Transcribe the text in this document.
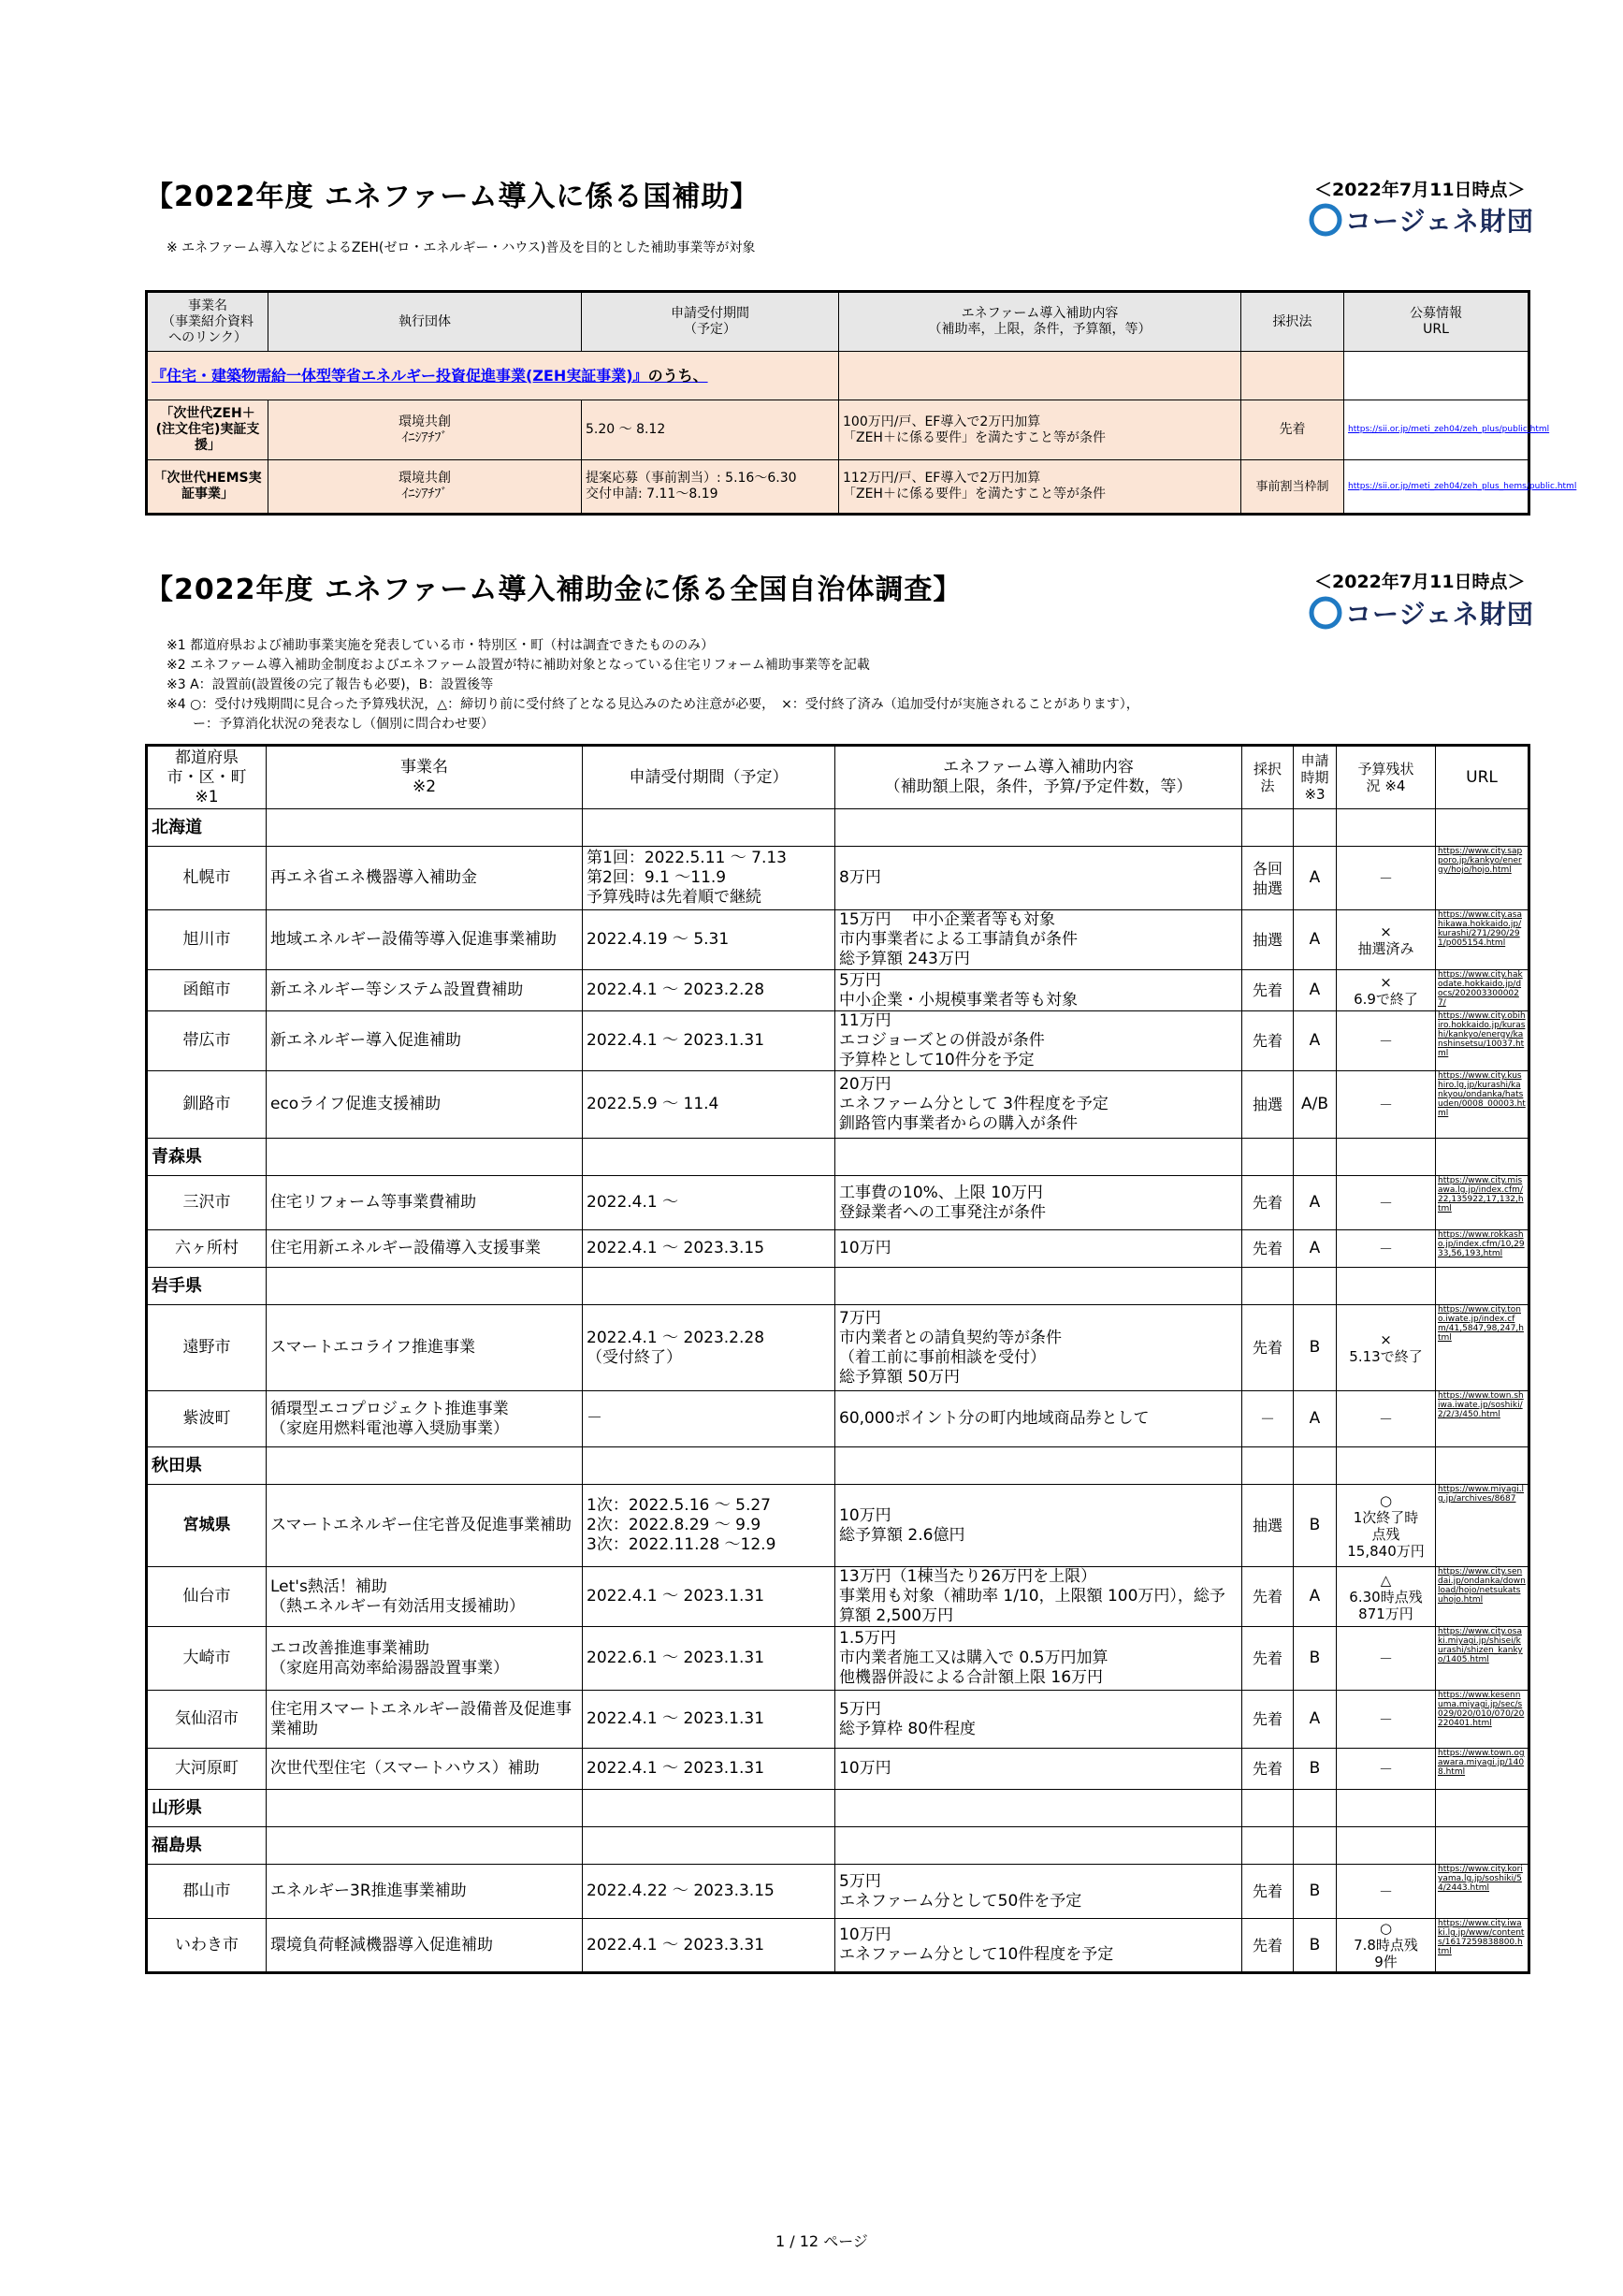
【2022年度 エネファーム導入に係る国補助】	＜2022年7月11日時点＞
コージェネ財団
※ エネファーム導入などによるZEH(ゼロ・エネルギー・ハウス)普及を目的とした補助事業等が対象
事業名
（事業紹介資料
へのリンク）	執行団体	申請受付期間
（予定）	エネファーム導入補助内容
（補助率，上限，条件，予算額，等）	採択法	公募情報
URL
『住宅・建築物需給一体型等省エネルギー投資促進事業(ZEH実証事業)』のうち、					
「次世代ZEH＋(注文住宅)実証支援」	環境共創
ｲﾆｼｱﾁﾌﾞ	5.20 ～ 8.12	100万円/戸、EF導入で2万円加算
「ZEH＋に係る要件」を満たすこと等が条件	先着	https://sii.or.jp/meti_zeh04/zeh_plus/public.html
「次世代HEMS実証事業」	環境共創
ｲﾆｼｱﾁﾌﾞ	提案応募（事前割当）: 5.16～6.30
交付申請: 7.11～8.19	112万円/戸、EF導入で2万円加算
「ZEH＋に係る要件」を満たすこと等が条件	事前割当枠制	https://sii.or.jp/meti_zeh04/zeh_plus_hems/public.html
【2022年度 エネファーム導入補助金に係る全国自治体調査】	＜2022年7月11日時点＞
コージェネ財団
※1 都道府県および補助事業実施を発表している市・特別区・町（村は調査できたもののみ）
※2 エネファーム導入補助金制度およびエネファーム設置が特に補助対象となっている住宅リフォーム補助事業等を記載
※3 A：設置前(設置後の完了報告も必要)，B：設置後等
※4 ○：受付け残期間に見合った予算残状況，△：締切り前に受付終了となる見込みのため注意が必要，　×：受付終了済み（追加受付が実施されることがあります），
　　ー：予算消化状況の発表なし（個別に問合わせ要）
都道府県
市・区・町
※1	事業名
※2	申請受付期間（予定）	エネファーム導入補助内容
（補助額上限，条件，予算/予定件数，等）	採択
法	申請
時期
※3	予算残状
況 ※4	URL
北海道							
札幌市	再エネ省エネ機器導入補助金	第1回：2022.5.11 ～ 7.13
第2回：9.1 ～11.9
予算残時は先着順で継続	8万円	各回
抽選	A	－	https://www.city.sapporo.jp/kankyo/energy/hojo/hojo.html
旭川市	地域エネルギー設備等導入促進事業補助	2022.4.19 ～ 5.31	15万円　 中小企業者等も対象
市内事業者による工事請負が条件
総予算額 243万円	抽選	A	×
抽選済み	https://www.city.asahikawa.hokkaido.jp/kurashi/271/290/291/p005154.html
函館市	新エネルギー等システム設置費補助	2022.4.1 ～ 2023.2.28	5万円
中小企業・小規模事業者等も対象	先着	A	×
6.9で終了	https://www.city.hakodate.hokkaido.jp/docs/2020033000027/
帯広市	新エネルギー導入促進補助	2022.4.1 ～ 2023.1.31	11万円
エコジョーズとの併設が条件
予算枠として10件分を予定	先着	A	－	https://www.city.obihiro.hokkaido.jp/kurashi/kankyo/energy/kanshinsetsu/10037.html
釧路市	ecoライフ促進支援補助	2022.5.9 ～ 11.4	20万円
エネファーム分として 3件程度を予定
釧路管内事業者からの購入が条件	抽選	A/B	－	https://www.city.kushiro.lg.jp/kurashi/kankyou/ondanka/hatsuden/0008_00003.html
青森県							
三沢市	住宅リフォーム等事業費補助	2022.4.1 ～	工事費の10%、上限 10万円
登録業者への工事発注が条件	先着	A	－	https://www.city.misawa.lg.jp/index.cfm/22,135922,17,132,html
六ヶ所村	住宅用新エネルギー設備導入支援事業	2022.4.1 ～ 2023.3.15	10万円	先着	A	－	https://www.rokkasho.jp/index.cfm/10,2933,56,193,html
岩手県							
遠野市	スマートエコライフ推進事業	2022.4.1 ～ 2023.2.28
（受付終了）	7万円
市内業者との請負契約等が条件
（着工前に事前相談を受付）
総予算額 50万円	先着	B	×
5.13で終了	https://www.city.tono.iwate.jp/index.cfm/41,5847,98,247,html
紫波町	循環型エコプロジェクト推進事業
（家庭用燃料電池導入奨励事業）	－	60,000ポイント分の町内地域商品券として	－	A	－	https://www.town.shiwa.iwate.jp/soshiki/2/2/3/450.html
秋田県							
宮城県	スマートエネルギー住宅普及促進事業補助	1次：2022.5.16 ～ 5.27
2次：2022.8.29 ～ 9.9
3次：2022.11.28 ～12.9	10万円
総予算額 2.6億円	抽選	B	○
1次終了時
点残
15,840万円	https://www.miyagi.lg.jp/archives/8687
仙台市	Let's熱活！補助
（熱エネルギー有効活用支援補助）	2022.4.1 ～ 2023.1.31	13万円（1棟当たり26万円を上限）
事業用も対象（補助率 1/10，上限額 100万円），総予算額 2,500万円	先着	A	△
6.30時点残
871万円	https://www.city.sendai.jp/ondanka/download/hojo/netsukatsuhojo.html
大崎市	エコ改善推進事業補助
（家庭用高効率給湯器設置事業）	2022.6.1 ～ 2023.1.31	1.5万円
市内業者施工又は購入で 0.5万円加算
他機器併設による合計額上限 16万円	先着	B	－	https://www.city.osaki.miyagi.jp/shisei/kurashi/shizen_kankyo/1405.html
気仙沼市	住宅用スマートエネルギー設備普及促進事業補助	2022.4.1 ～ 2023.1.31	5万円
総予算枠 80件程度	先着	A	－	https://www.kesennuma.miyagi.jp/sec/s029/020/010/070/20220401.html
大河原町	次世代型住宅（スマートハウス）補助	2022.4.1 ～ 2023.1.31	10万円	先着	B	－	https://www.town.ogawara.miyagi.jp/1408.html
山形県							
福島県							
郡山市	エネルギー3R推進事業補助	2022.4.22 ～ 2023.3.15	5万円
エネファーム分として50件を予定	先着	B	－	https://www.city.koriyama.lg.jp/soshiki/54/2443.html
いわき市	環境負荷軽減機器導入促進補助	2022.4.1 ～ 2023.3.31	10万円
エネファーム分として10件程度を予定	先着	B	○
7.8時点残
9件	https://www.city.iwaki.lg.jp/www/contents/1617259838800.html
1 / 12 ページ
